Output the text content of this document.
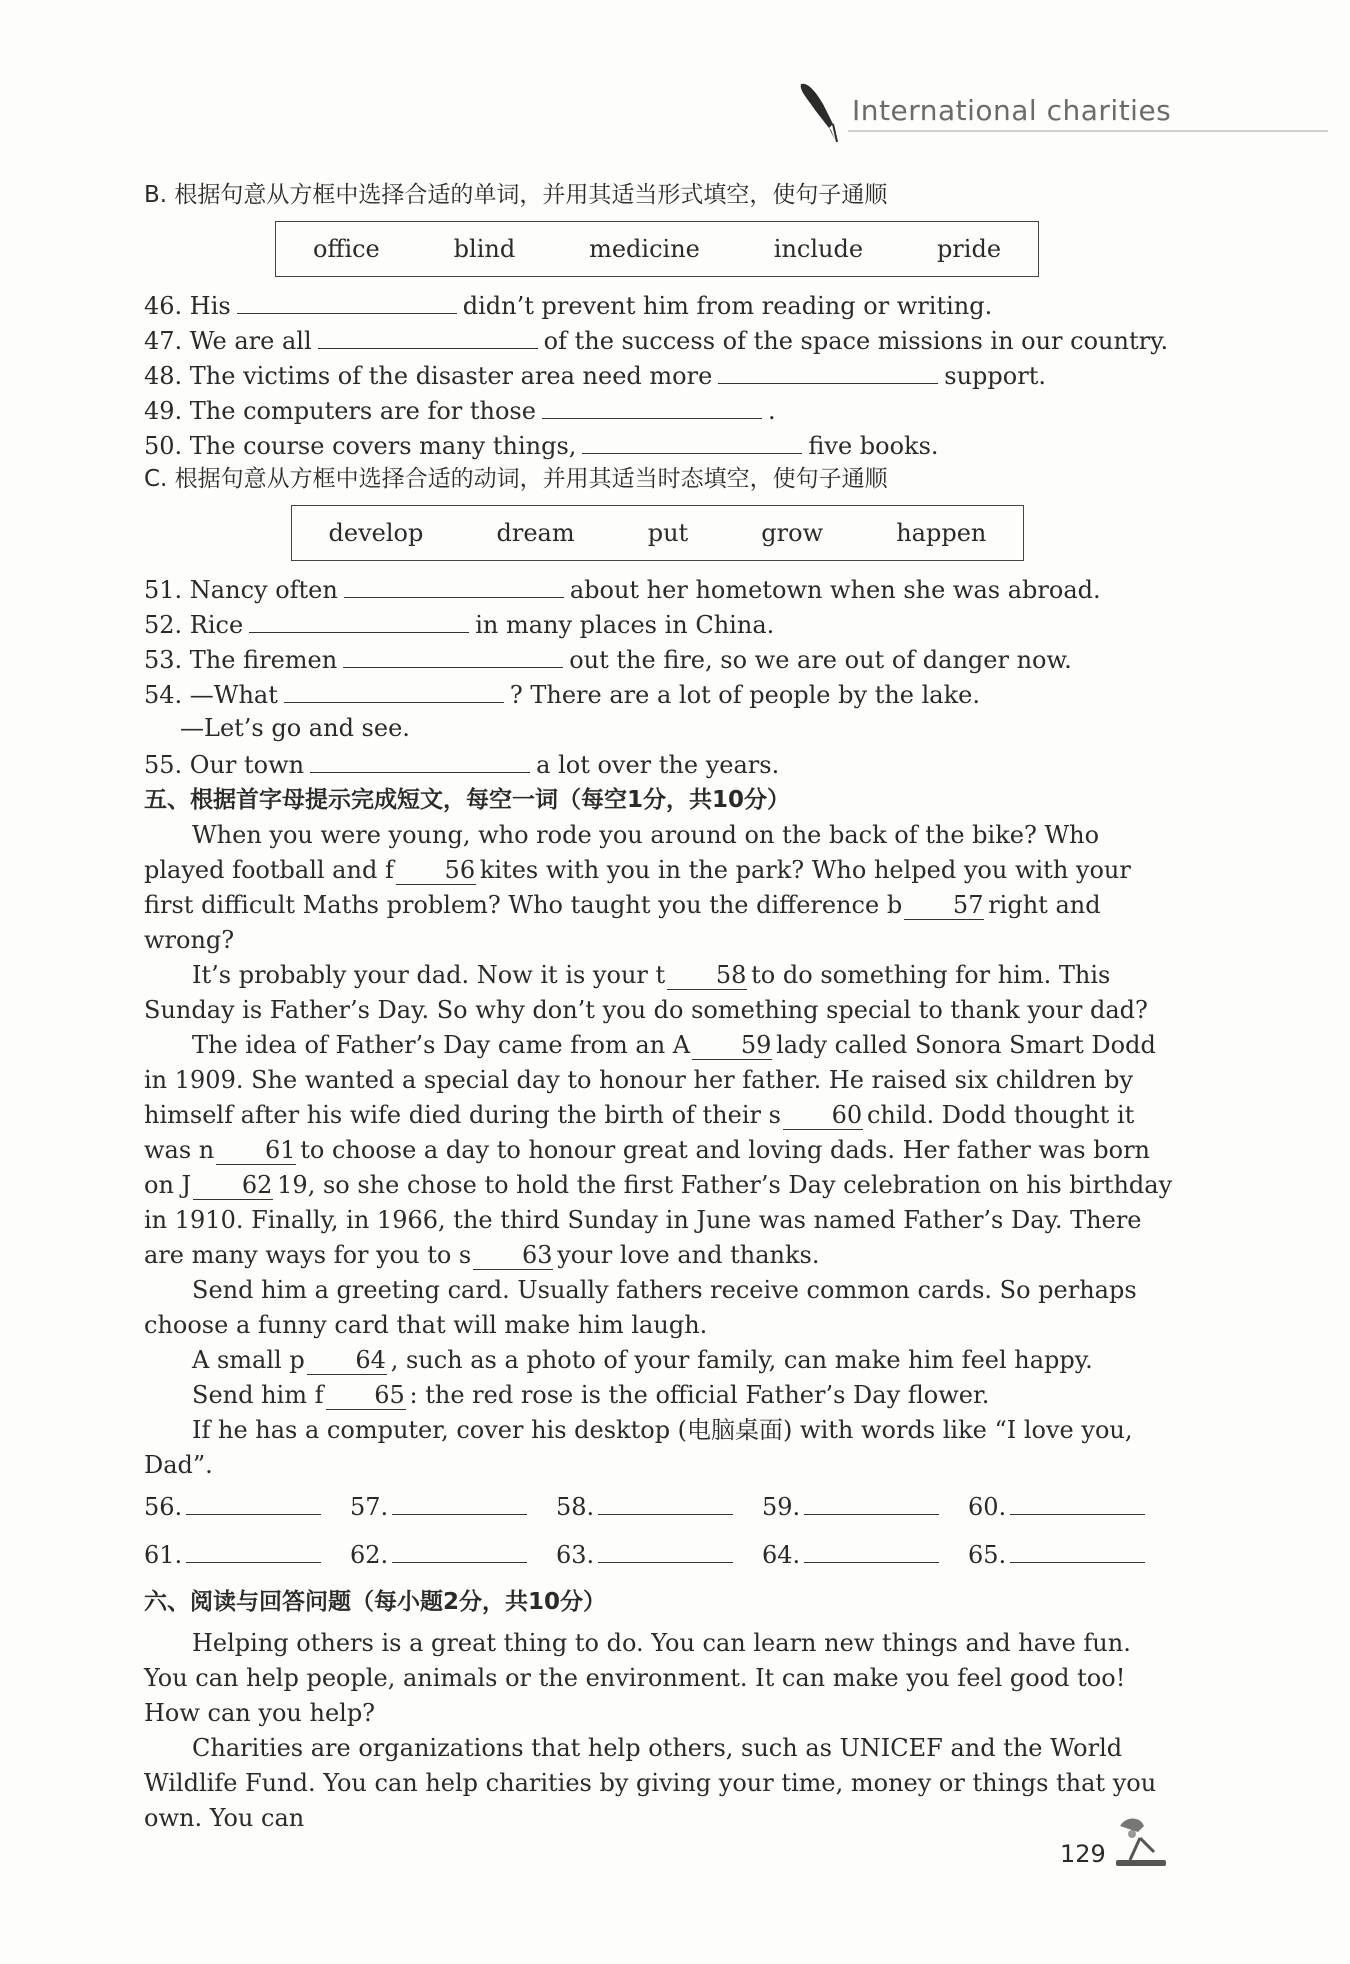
International charities
B. 根据句意从方框中选择合适的单词，并用其适当形式填空，使句子通顺
office	blind	medicine	include	pride
46. His	didn’t prevent him from reading or writing.
47. We are all	of the success of the space missions in our country.
48. The victims of the disaster area need more	support.
49. The computers are for those	.
50. The course covers many things,	five books.
C. 根据句意从方框中选择合适的动词，并用其适当时态填空，使句子通顺
develop	dream	put	grow	happen
51. Nancy often	about her hometown when she was abroad.
52. Rice	in many places in China.
53. The firemen	out the fire, so we are out of danger now.
54. —What	? There are a lot of people by the lake.
—Let’s go and see.
55. Our town	a lot over the years.
五、根据首字母提示完成短文，每空一词（每空1分，共10分）

When you were young, who rode you around on the back of the bike? Who played football and f 56 kites with you in the park? Who helped you with your first difficult Maths problem? Who taught you the difference b 57 right and wrong?

It’s probably your dad. Now it is your t 58 to do something for him. This Sunday is Father’s Day. So why don’t you do something special to thank your dad?

The idea of Father’s Day came from an A 59 lady called Sonora Smart Dodd in 1909. She wanted a special day to honour her father. He raised six children by himself after his wife died during the birth of their s 60 child. Dodd thought it was n 61 to choose a day to honour great and loving dads. Her father was born on J 62 19, so she chose to hold the first Father’s Day celebration on his birthday in 1910. Finally, in 1966, the third Sunday in June was named Father’s Day. There are many ways for you to s 63 your love and thanks.

Send him a greeting card. Usually fathers receive common cards. So perhaps choose a funny card that will make him laugh.

A small p 64 , such as a photo of your family, can make him feel happy.

Send him f 65 : the red rose is the official Father’s Day flower.

If he has a computer, cover his desktop (电脑桌面) with words like “I love you, Dad”.

56.	57.	58.	59.	60.
61.	62.	63.	64.	65.
六、阅读与回答问题（每小题2分，共10分）

Helping others is a great thing to do. You can learn new things and have fun. You can help people, animals or the environment. It can make you feel good too! How can you help?

Charities are organizations that help others, such as UNICEF and the World Wildlife Fund. You can help charities by giving your time, money or things that you own. You can

129
